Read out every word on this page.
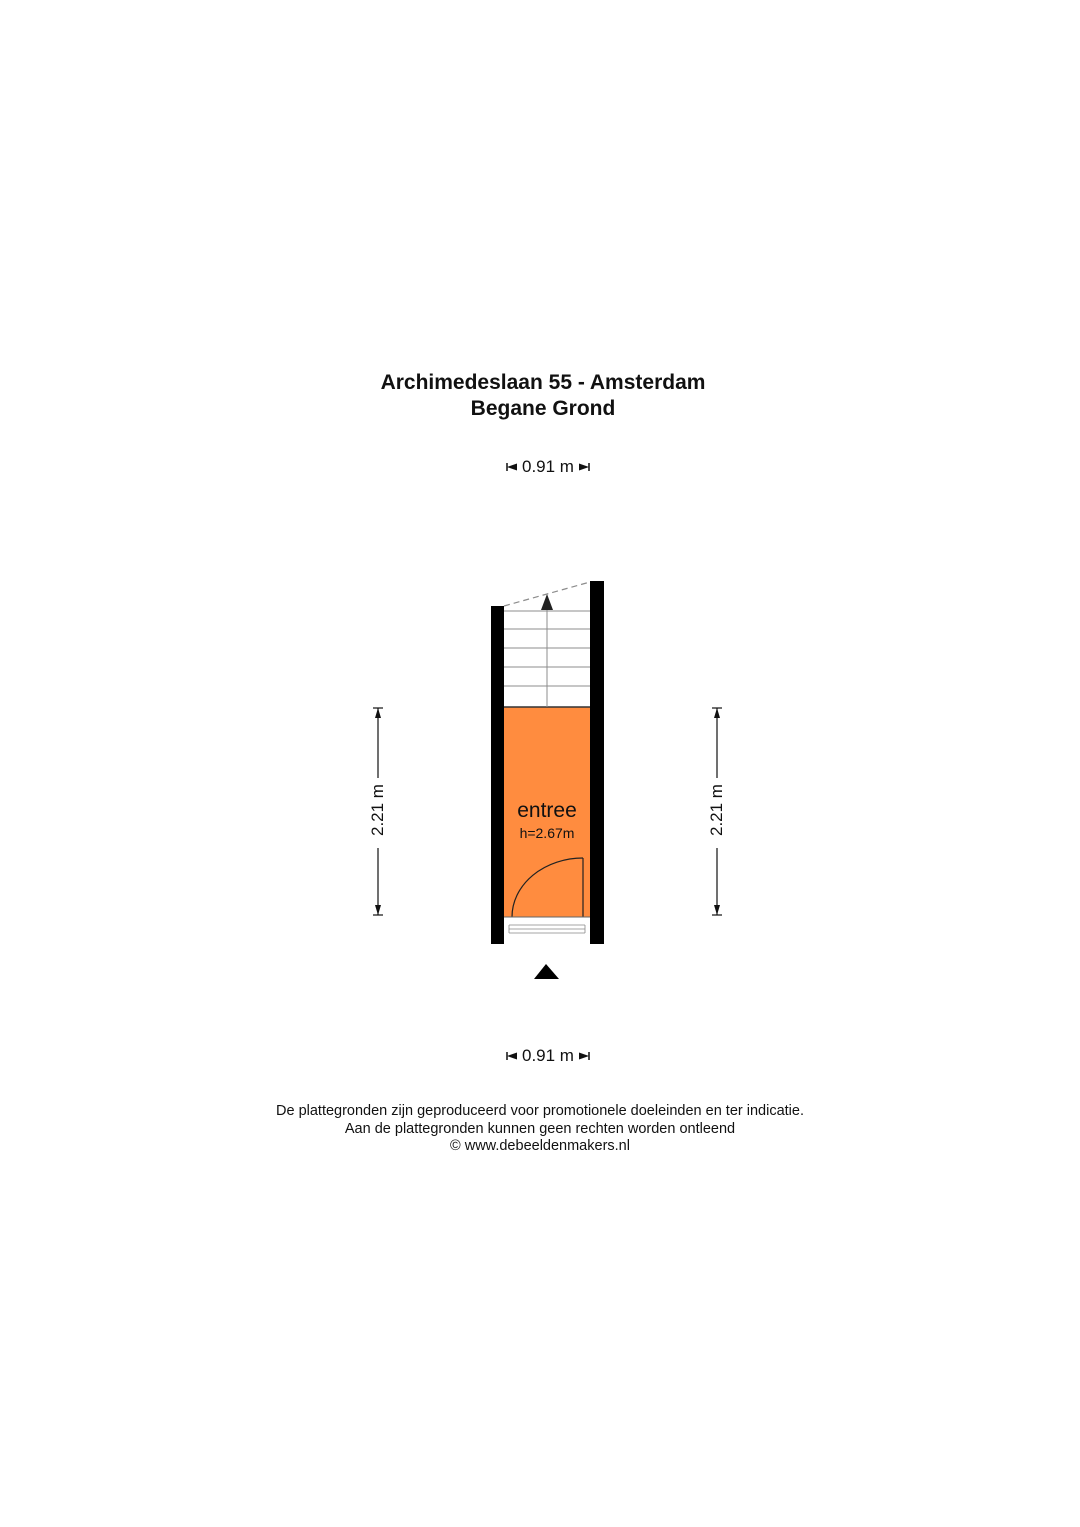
Archimedeslaan 55 - Amsterdam
Begane Grond
0.91 m
2.21 m	2.21 m
entree
h=2.67m
0.91 m
De plattegronden zijn geproduceerd voor promotionele doeleinden en ter indicatie.
Aan de plattegronden kunnen geen rechten worden ontleend
© www.debeeldenmakers.nl
